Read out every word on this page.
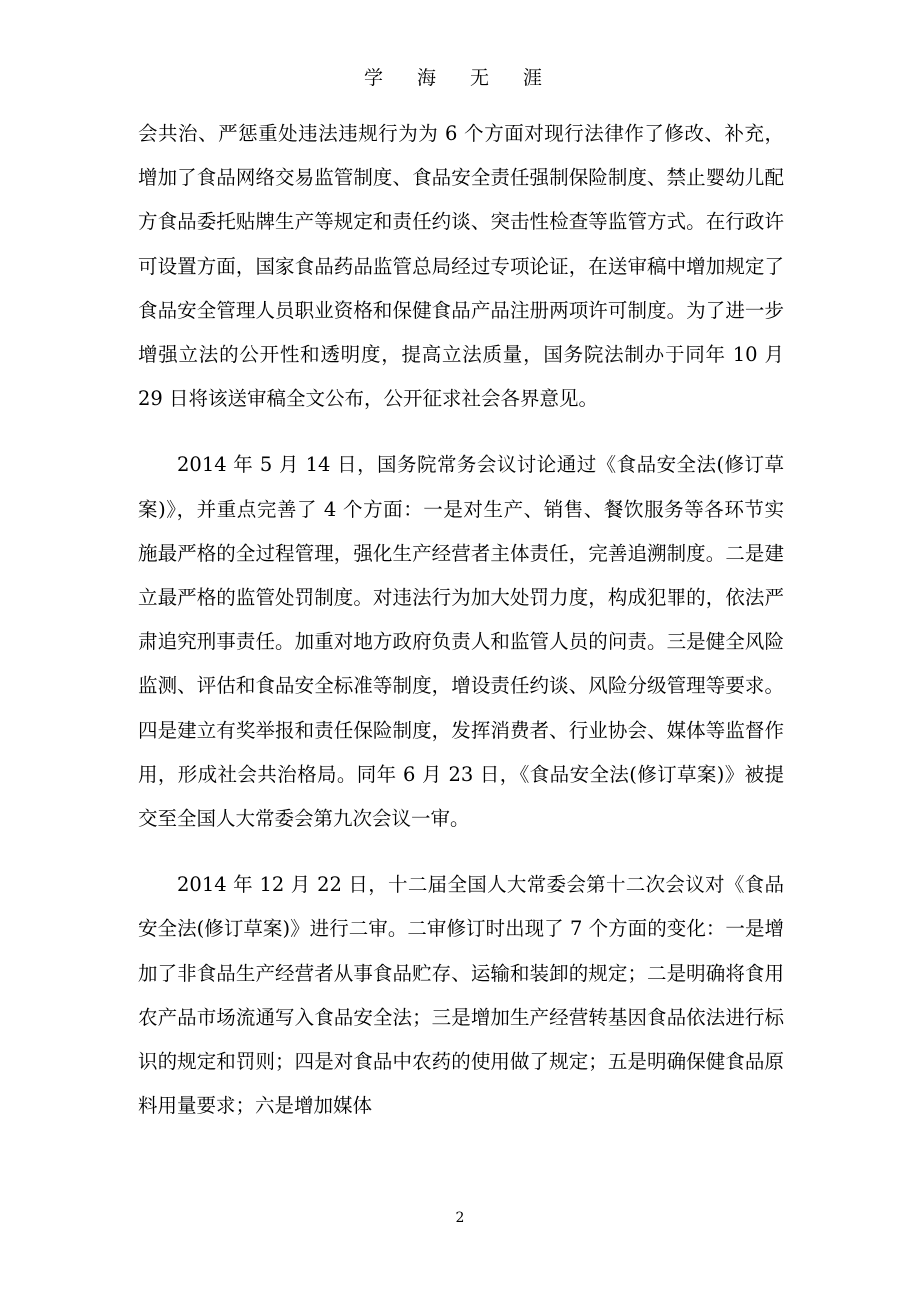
学 海 无 涯

会共治、严惩重处违法违规行为为 6 个方面对现行法律作了修改、补充，增加了食品网络交易监管制度、食品安全责任强制保险制度、禁止婴幼儿配方食品委托贴牌生产等规定和责任约谈、突击性检查等监管方式。在行政许可设置方面，国家食品药品监管总局经过专项论证，在送审稿中增加规定了食品安全管理人员职业资格和保健食品产品注册两项许可制度。为了进一步增强立法的公开性和透明度，提高立法质量，国务院法制办于同年 10 月 29 日将该送审稿全文公布，公开征求社会各界意见。

2014 年 5 月 14 日，国务院常务会议讨论通过《食品安全法(修订草案)》，并重点完善了 4 个方面：一是对生产、销售、餐饮服务等各环节实施最严格的全过程管理，强化生产经营者主体责任，完善追溯制度。二是建立最严格的监管处罚制度。对违法行为加大处罚力度，构成犯罪的，依法严肃追究刑事责任。加重对地方政府负责人和监管人员的问责。三是健全风险监测、评估和食品安全标准等制度，增设责任约谈、风险分级管理等要求。四是建立有奖举报和责任保险制度，发挥消费者、行业协会、媒体等监督作用，形成社会共治格局。同年 6 月 23 日，《食品安全法(修订草案)》被提交至全国人大常委会第九次会议一审。

2014 年 12 月 22 日，十二届全国人大常委会第十二次会议对《食品安全法(修订草案)》进行二审。二审修订时出现了 7 个方面的变化：一是增加了非食品生产经营者从事食品贮存、运输和装卸的规定；二是明确将食用农产品市场流通写入食品安全法；三是增加生产经营转基因食品依法进行标识的规定和罚则；四是对食品中农药的使用做了规定；五是明确保健食品原料用量要求；六是增加媒体

2
